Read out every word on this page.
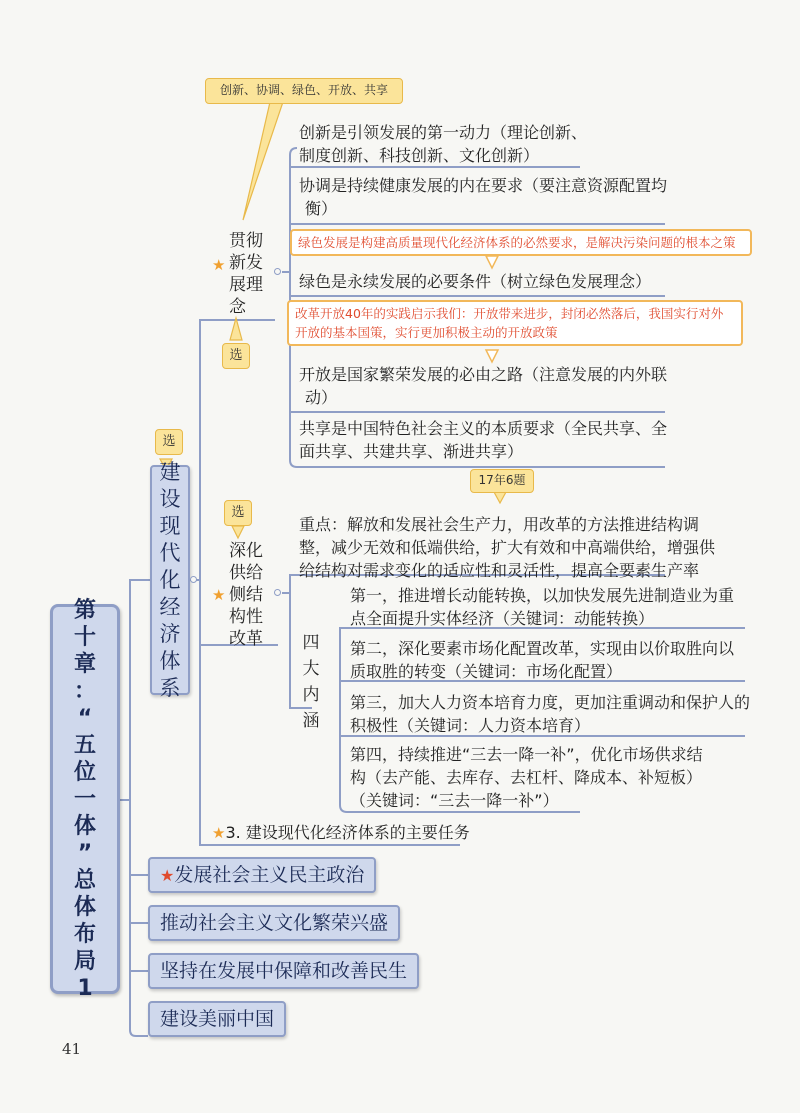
第
十
章
：
“
五
位
一
体
”
总
体
布
局
1
建
设
现
代
化
经
济
体
系
选
创新、协调、绿色、开放、共享
★
贯彻
新发
展理
念
选
创新是引领发展的第一动力（理论创新、
制度创新、科技创新、文化创新）
协调是持续健康发展的内在要求（要注意资源配置均
衡）
绿色发展是构建高质量现代化经济体系的必然要求，是解决污染问题的根本之策
绿色是永续发展的必要条件（树立绿色发展理念）
改革开放40年的实践启示我们：开放带来进步，封闭必然落后，我国实行对外开放的基本国策，实行更加积极主动的开放政策
开放是国家繁荣发展的必由之路（注意发展的内外联
动）
共享是中国特色社会主义的本质要求（全民共享、全
面共享、共建共享、渐进共享）
选
17年6题
★
深化
供给
侧结
构性
改革
重点：解放和发展社会生产力，用改革的方法推进结构调
整，减少无效和低端供给，扩大有效和中高端供给，增强供
给结构对需求变化的适应性和灵活性，提高全要素生产率
四
大
内
涵
第一，推进增长动能转换，以加快发展先进制造业为重
点全面提升实体经济（关键词：动能转换）
第二，深化要素市场化配置改革，实现由以价取胜向以
质取胜的转变（关键词：市场化配置）
第三，加大人力资本培育力度，更加注重调动和保护人的
积极性（关键词：人力资本培育）
第四，持续推进“三去一降一补”，优化市场供求结
构（去产能、去库存、去杠杆、降成本、补短板）
（关键词：“三去一降一补”）
★3. 建设现代化经济体系的主要任务
★发展社会主义民主政治
推动社会主义文化繁荣兴盛
坚持在发展中保障和改善民生
建设美丽中国
41
